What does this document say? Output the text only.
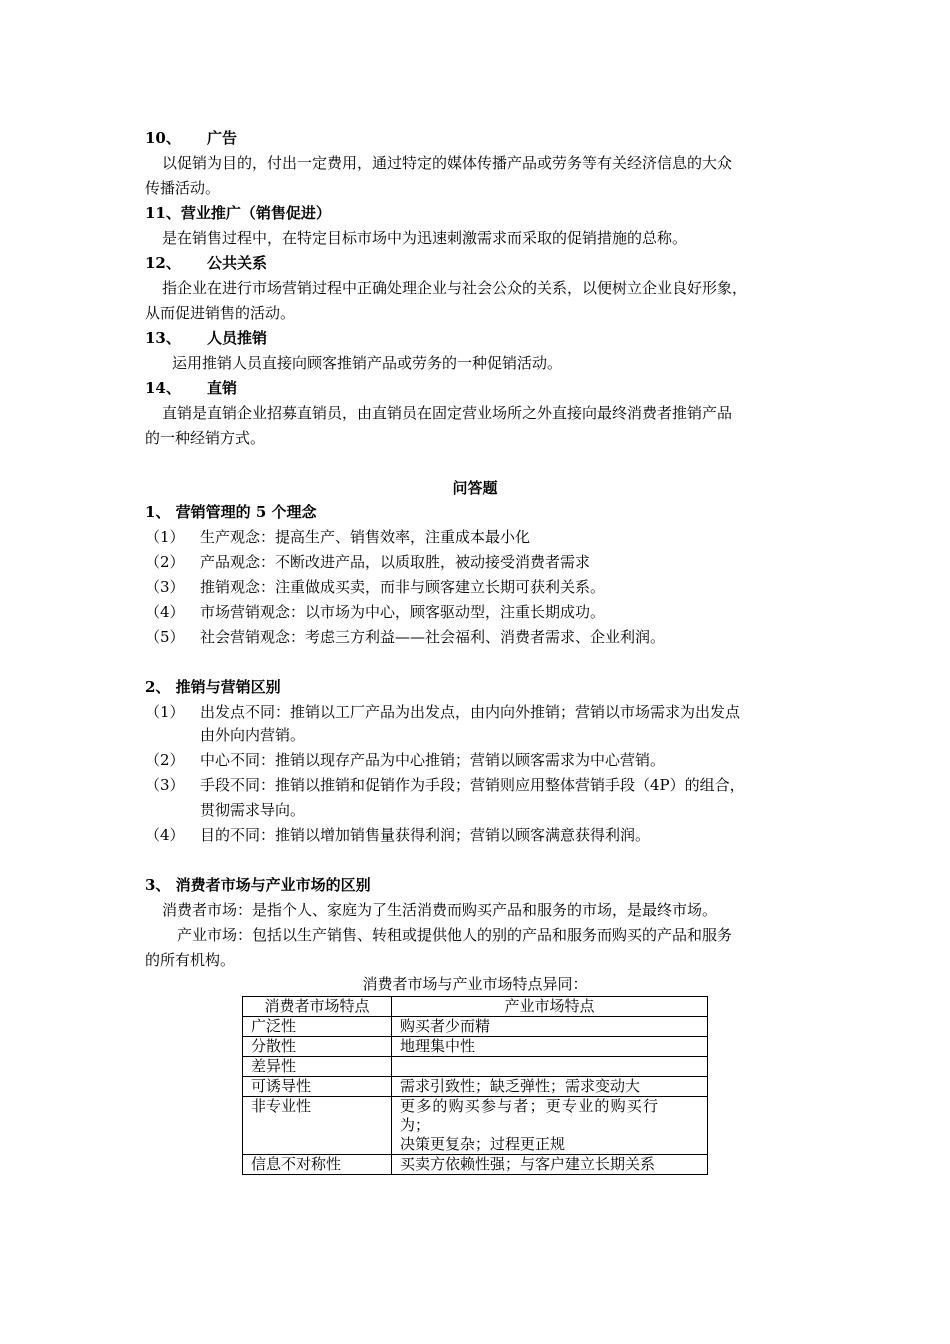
10、 广告
以促销为目的，付出一定费用，通过特定的媒体传播产品或劳务等有关经济信息的大众
传播活动。
11、营业推广（销售促进）
是在销售过程中，在特定目标市场中为迅速刺激需求而采取的促销措施的总称。
12、 公共关系
指企业在进行市场营销过程中正确处理企业与社会公众的关系，以便树立企业良好形象，
从而促进销售的活动。
13、 人员推销
运用推销人员直接向顾客推销产品或劳务的一种促销活动。
14、 直销
直销是直销企业招募直销员，由直销员在固定营业场所之外直接向最终消费者推销产品
的一种经销方式。
问答题
1、 营销管理的 5 个理念
（1） 生产观念：提高生产、销售效率，注重成本最小化
（2） 产品观念：不断改进产品，以质取胜，被动接受消费者需求
（3） 推销观念：注重做成买卖，而非与顾客建立长期可获利关系。
（4） 市场营销观念：以市场为中心，顾客驱动型，注重长期成功。
（5） 社会营销观念：考虑三方利益——社会福利、消费者需求、企业利润。
2、 推销与营销区别
（1） 出发点不同：推销以工厂产品为出发点，由内向外推销；营销以市场需求为出发点
由外向内营销。
（2） 中心不同：推销以现存产品为中心推销；营销以顾客需求为中心营销。
（3） 手段不同：推销以推销和促销作为手段；营销则应用整体营销手段（4P）的组合，
贯彻需求导向。
（4） 目的不同：推销以增加销售量获得利润；营销以顾客满意获得利润。
3、 消费者市场与产业市场的区别
消费者市场：是指个人、家庭为了生活消费而购买产品和服务的市场，是最终市场。
产业市场：包括以生产销售、转租或提供他人的别的产品和服务而购买的产品和服务
的所有机构。
消费者市场与产业市场特点异同：
消费者市场特点	产业市场特点
广泛性	购买者少而精
分散性	地理集中性
差异性	
可诱导性	需求引致性；缺乏弹性；需求变动大
非专业性	更多的购买参与者；更专业的购买行
为；
决策更复杂；过程更正规

信息不对称性	买卖方依赖性强；与客户建立长期关系
